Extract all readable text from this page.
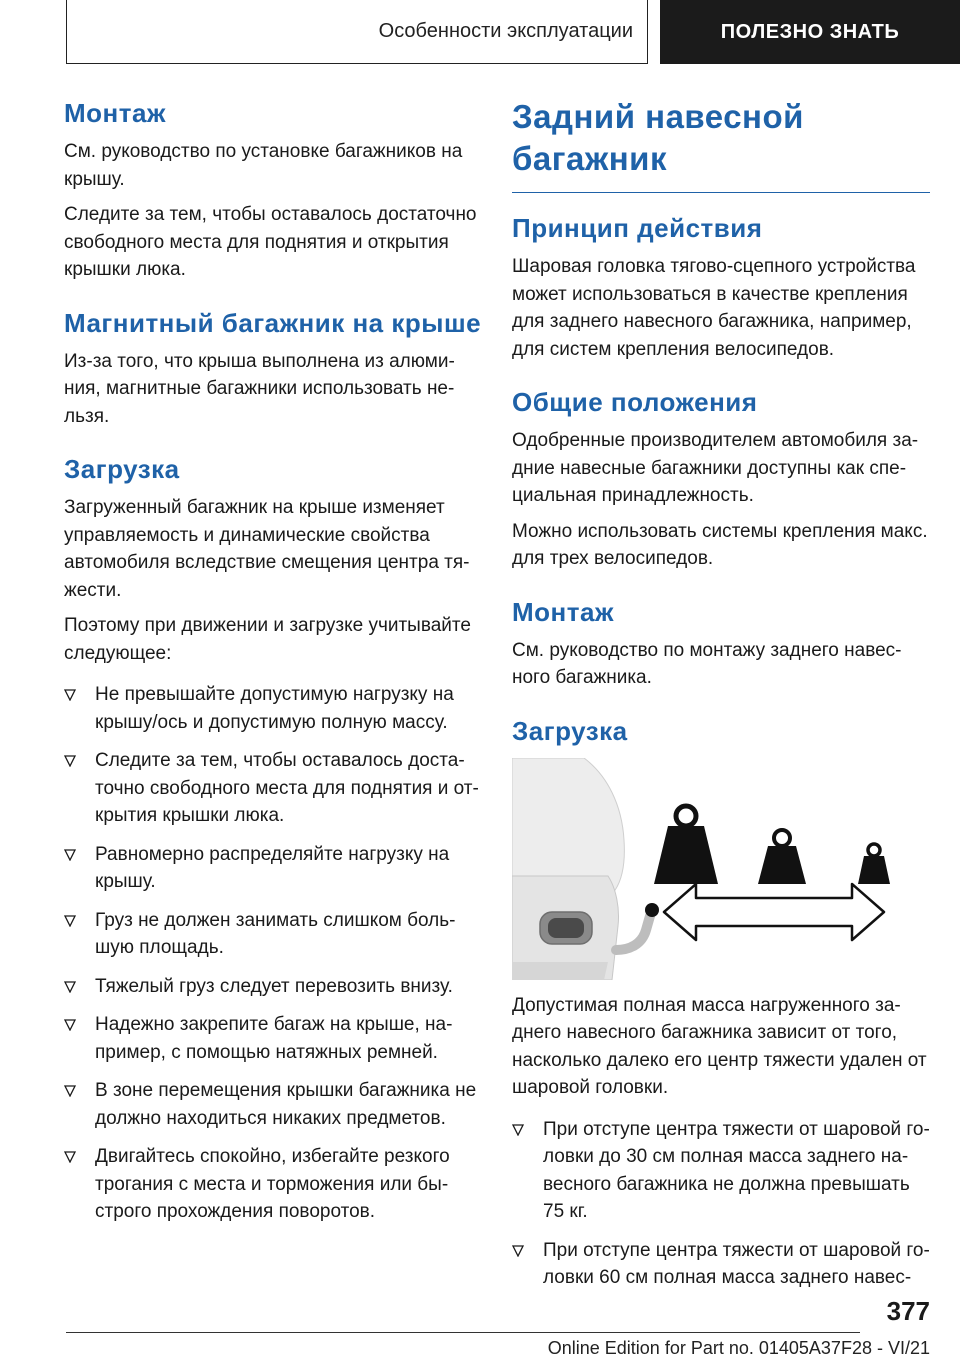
Особенности эксплуатации	ПОЛЕЗНО ЗНАТЬ
Монтаж

См. руководство по установке багажников на крышу.

Следите за тем, чтобы оставалось достаточно свободного места для поднятия и открытия крышки люка.

Магнитный багажник на крыше

Из-за того, что крыша выполнена из алюминия, магнитные багажники использовать нельзя.

Загрузка

Загруженный багажник на крыше изменяет управляемость и динамические свойства автомобиля вследствие смещения центра тяжести.

Поэтому при движении и загрузке учитывайте следующее:

Не превышайте допустимую нагрузку на крышу/ось и допустимую полную массу.
Следите за тем, чтобы оставалось достаточно свободного места для поднятия и открытия крышки люка.
Равномерно распределяйте нагрузку на крышу.
Груз не должен занимать слишком большую площадь.
Тяжелый груз следует перевозить внизу.
Надежно закрепите багаж на крыше, например, с помощью натяжных ремней.
В зоне перемещения крышки багажника не должно находиться никаких предметов.
Двигайтесь спокойно, избегайте резкого трогания с места и торможения или быстрого прохождения поворотов.
Задний навесной
багажник
Принцип действия

Шаровая головка тягово-сцепного устройства может использоваться в качестве крепления для заднего навесного багажника, например, для систем крепления велосипедов.

Общие положения

Одобренные производителем автомобиля задние навесные багажники доступны как специальная принадлежность.

Можно использовать системы крепления макс. для трех велосипедов.

Монтаж

См. руководство по монтажу заднего навесного багажника.

Загрузка

Допустимая полная масса нагруженного заднего навесного багажника зависит от того, насколько далеко его центр тяжести удален от шаровой головки.

При отступе центра тяжести от шаровой головки до 30 см полная масса заднего навесного багажника не должна превышать 75 кг.
При отступе центра тяжести от шаровой головки 60 см полная масса заднего навес-
377
Online Edition for Part no. 01405A37F28 - VI/21
